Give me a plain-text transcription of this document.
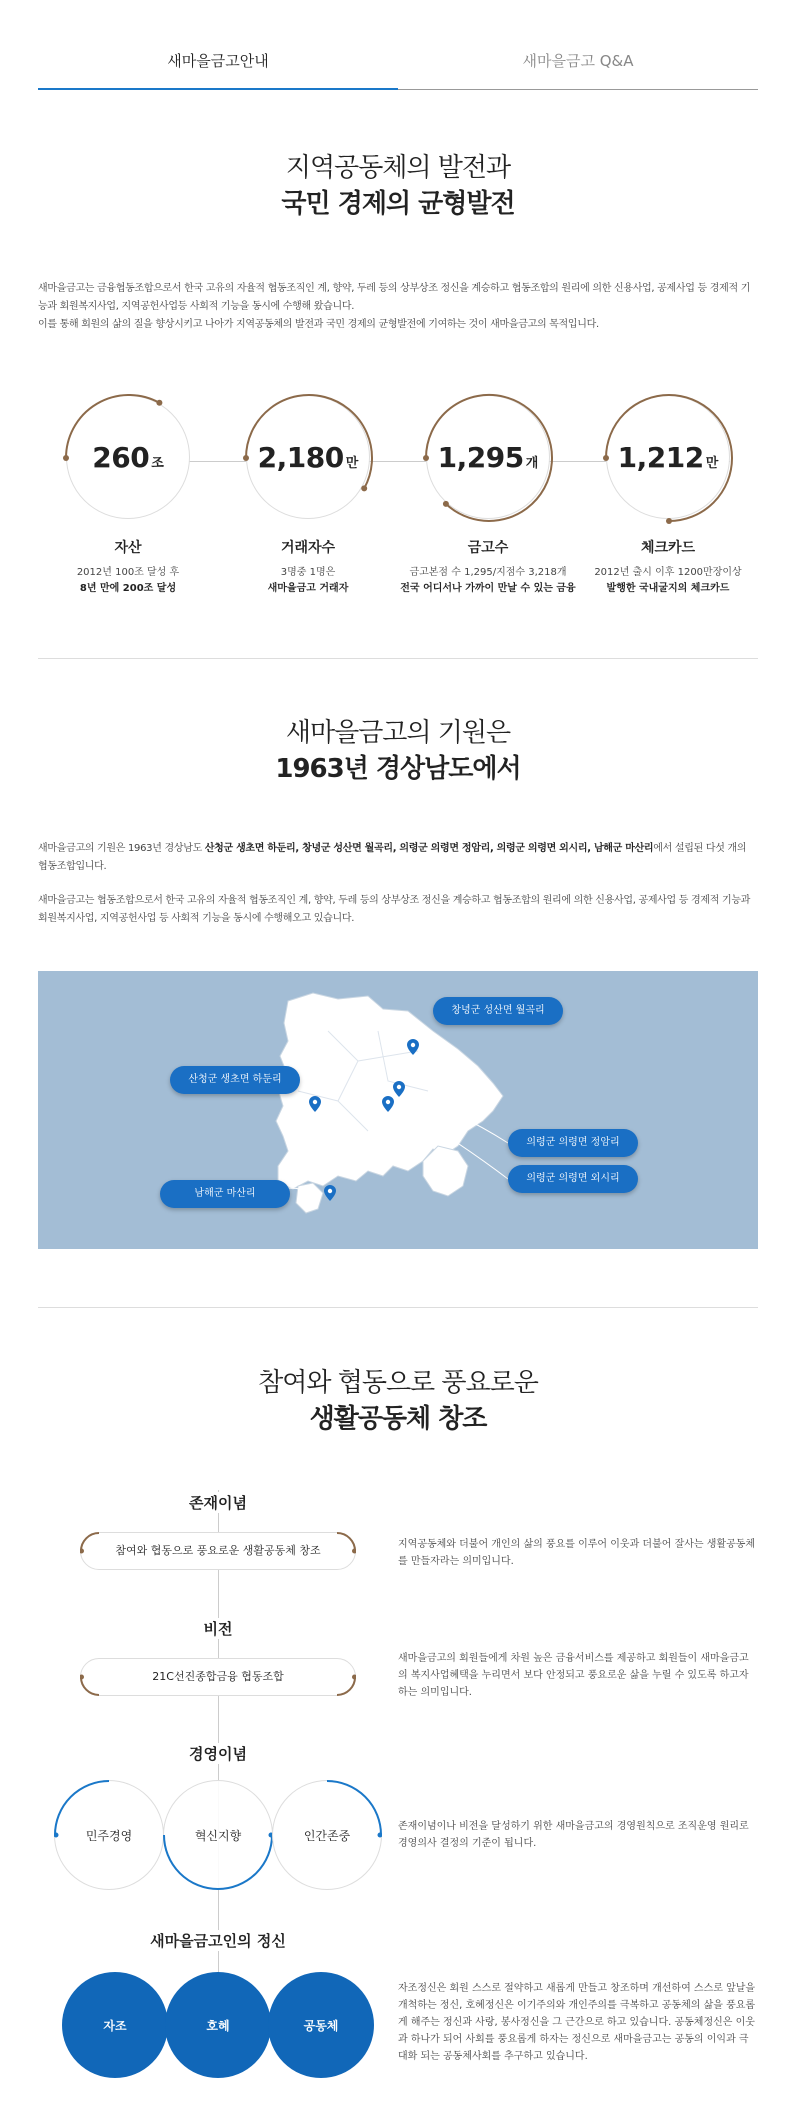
새마을금고안내	새마을금고 Q&A
지역공동체의 발전과
국민 경제의 균형발전

새마을금고는 금융협동조합으로서 한국 고유의 자율적 협동조직인 계, 향약, 두레 등의 상부상조 정신을 계승하고 협동조합의 원리에 의한 신용사업, 공제사업 등 경제적 기능과 회원복지사업, 지역공헌사업등 사회적 기능을 동시에 수행해 왔습니다.

이를 통해 회원의 삶의 질을 향상시키고 나아가 지역공동체의 발전과 국민 경제의 균형발전에 기여하는 것이 새마을금고의 목적입니다.

260 조
자산
2012년 100조 달성 후
8년 만에 200조 달성
2,180 만
거래자수
3명중 1명은
새마을금고 거래자
1,295 개
금고수
금고본점 수 1,295/지점수 3,218개
전국 어디서나 가까이 만날 수 있는 금융
1,212 만
체크카드
2012년 출시 이후 1200만장이상
발행한 국내굴지의 체크카드
새마을금고의 기원은
1963년 경상남도에서

새마을금고의 기원은 1963년 경상남도 산청군 생초면 하둔리, 창녕군 성산면 월곡리, 의령군 의령면 정암리, 의령군 의령면 외시리, 남해군 마산리에서 설립된 다섯 개의 협동조합입니다.

새마을금고는 협동조합으로서 한국 고유의 자율적 협동조직인 계, 향약, 두레 등의 상부상조 정신을 계승하고 협동조합의 원리에 의한 신용사업, 공제사업 등 경제적 기능과 회원복지사업, 지역공헌사업 등 사회적 기능을 동시에 수행해오고 있습니다.

창녕군 성산면 월곡리
산청군 생초면 하둔리
의령군 의령면 정암리
의령군 의령면 외시리
남해군 마산리
참여와 협동으로 풍요로운
생활공동체 창조
존재이념
참여와 협동으로 풍요로운 생활공동체 창조	지역공동체와 더불어 개인의 삶의 풍요를 이루어 이웃과 더불어 잘사는 생활공동체를 만들자라는 의미입니다.
비전
21C선진종합금융 협동조합
새마을금고의 회원들에게 차원 높은 금융서비스를 제공하고 회원들이 새마을금고의 복지사업혜택을 누리면서 보다 안정되고 풍요로운 삶을 누릴 수 있도록 하고자 하는 의미입니다.
경영이념
민주경영	혁신지향	인간존중
존재이념이나 비전을 달성하기 위한 새마을금고의 경영원칙으로 조직운영 원리로 경영의사 결정의 기준이 됩니다.
새마을금고인의 정신
자조	호혜	공동체
자조정신은 회원 스스로 절약하고 새롭게 만들고 창조하며 개선하여 스스로 앞날을 개척하는 정신, 호혜정신은 이기주의와 개인주의를 극복하고 공동체의 삶을 풍요롭게 해주는 정신과 사랑, 봉사정신을 그 근간으로 하고 있습니다. 공동체정신은 이웃과 하나가 되어 사회를 풍요롭게 하자는 정신으로 새마을금고는 공동의 이익과 극대화 되는 공동체사회를 추구하고 있습니다.
